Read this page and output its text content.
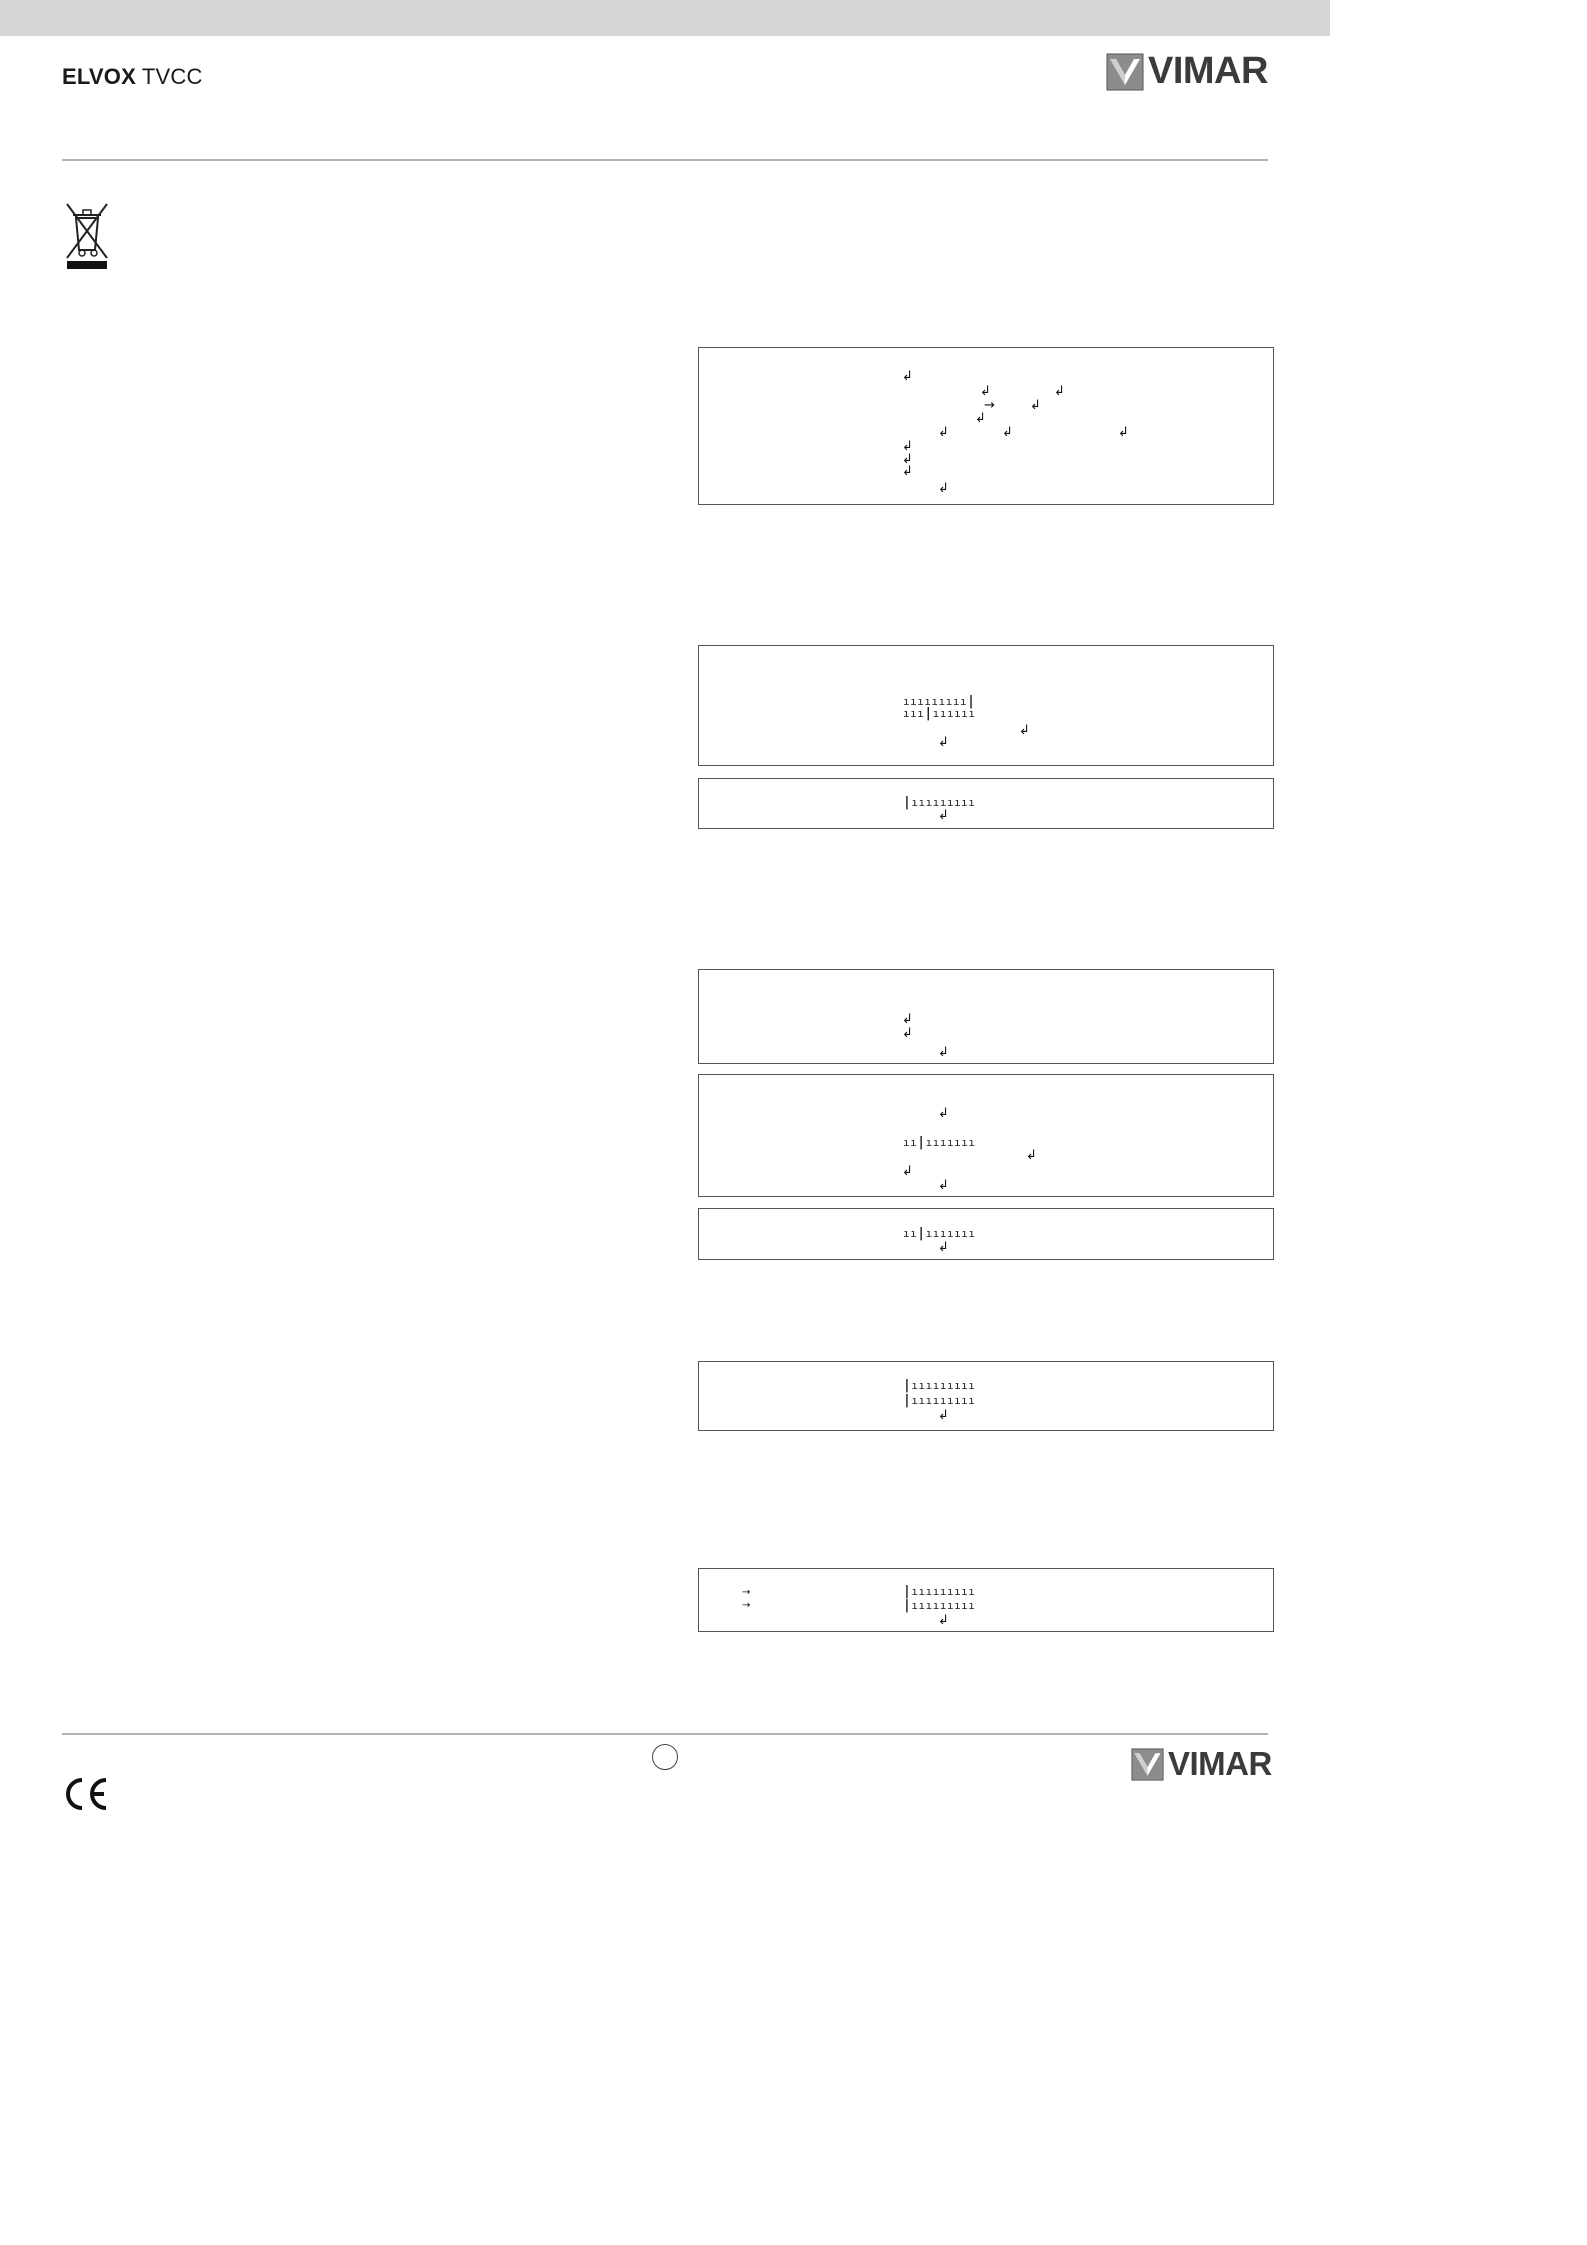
ELVOX TVCC	VIMAR
↲
↲	↲
→	↲
↲
↲	↲	↲
↲
↲
↲
↲
ııııııııı|
ııı|ıııııı
↲
↲
|ııııııııı
↲
↲
↲
↲
↲
ıı|ııııııı
↲
↲
↲
ıı|ııııııı
↲
|ııııııııı
|ııııııııı
↲
→
→
|ııııııııı
|ııııııııı
↲
VIMAR
